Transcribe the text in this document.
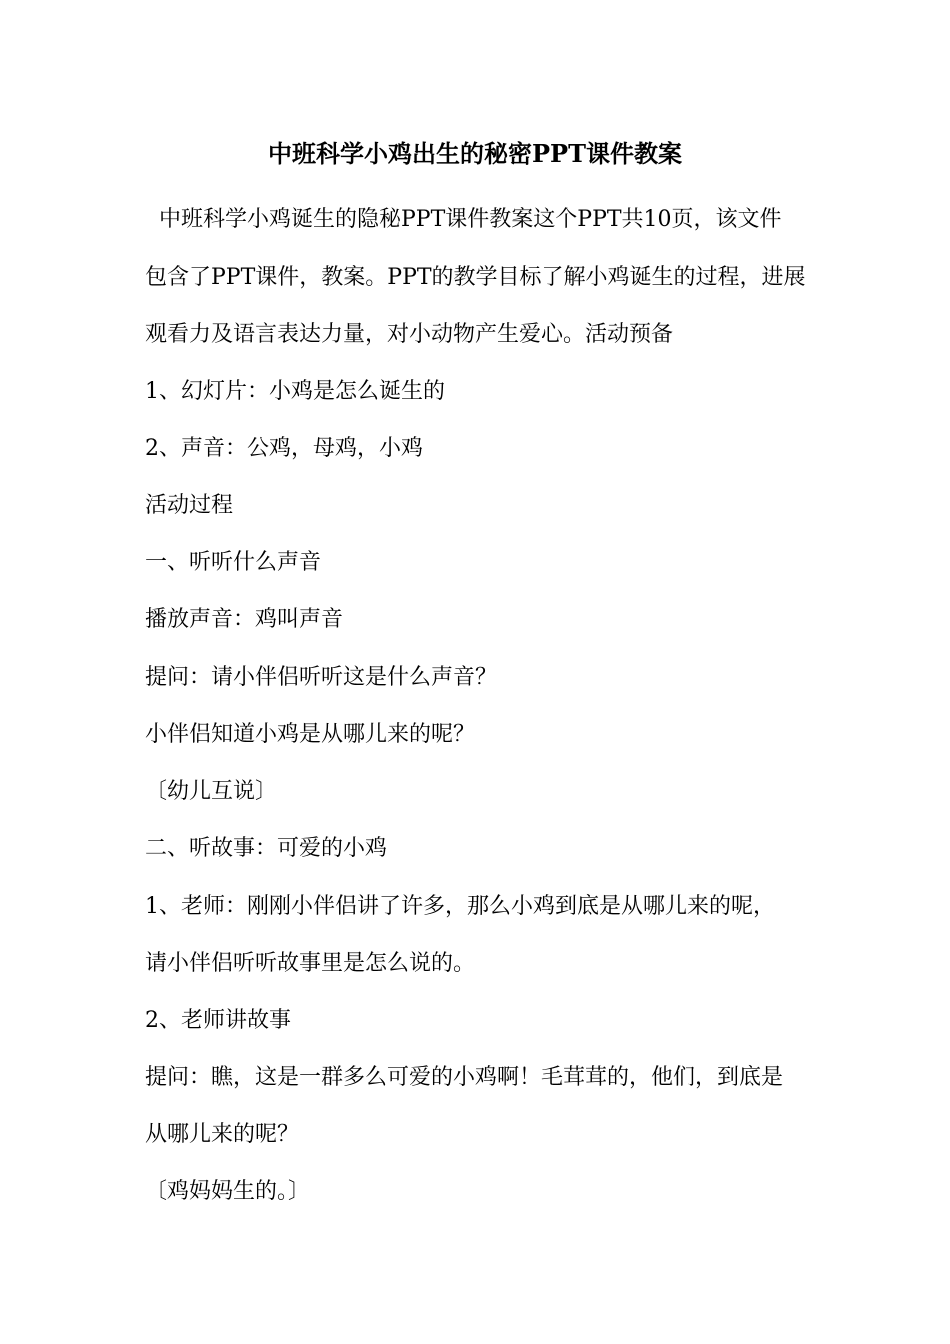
中班科学小鸡出生的秘密PPT课件教案
中班科学小鸡诞生的隐秘PPT课件教案这个PPT共10页，该文件
包含了PPT课件，教案。PPT的教学目标了解小鸡诞生的过程，进展
观看力及语言表达力量，对小动物产生爱心。活动预备
1、幻灯片：小鸡是怎么诞生的
2、声音：公鸡，母鸡，小鸡
活动过程
一、听听什么声音
播放声音：鸡叫声音
提问：请小伴侣听听这是什么声音？
小伴侣知道小鸡是从哪儿来的呢？
〔幼儿互说〕
二、听故事：可爱的小鸡
1、老师：刚刚小伴侣讲了许多，那么小鸡到底是从哪儿来的呢，
请小伴侣听听故事里是怎么说的。
2、老师讲故事
提问：瞧，这是一群多么可爱的小鸡啊！毛茸茸的，他们，到底是
从哪儿来的呢？
〔鸡妈妈生的。〕
